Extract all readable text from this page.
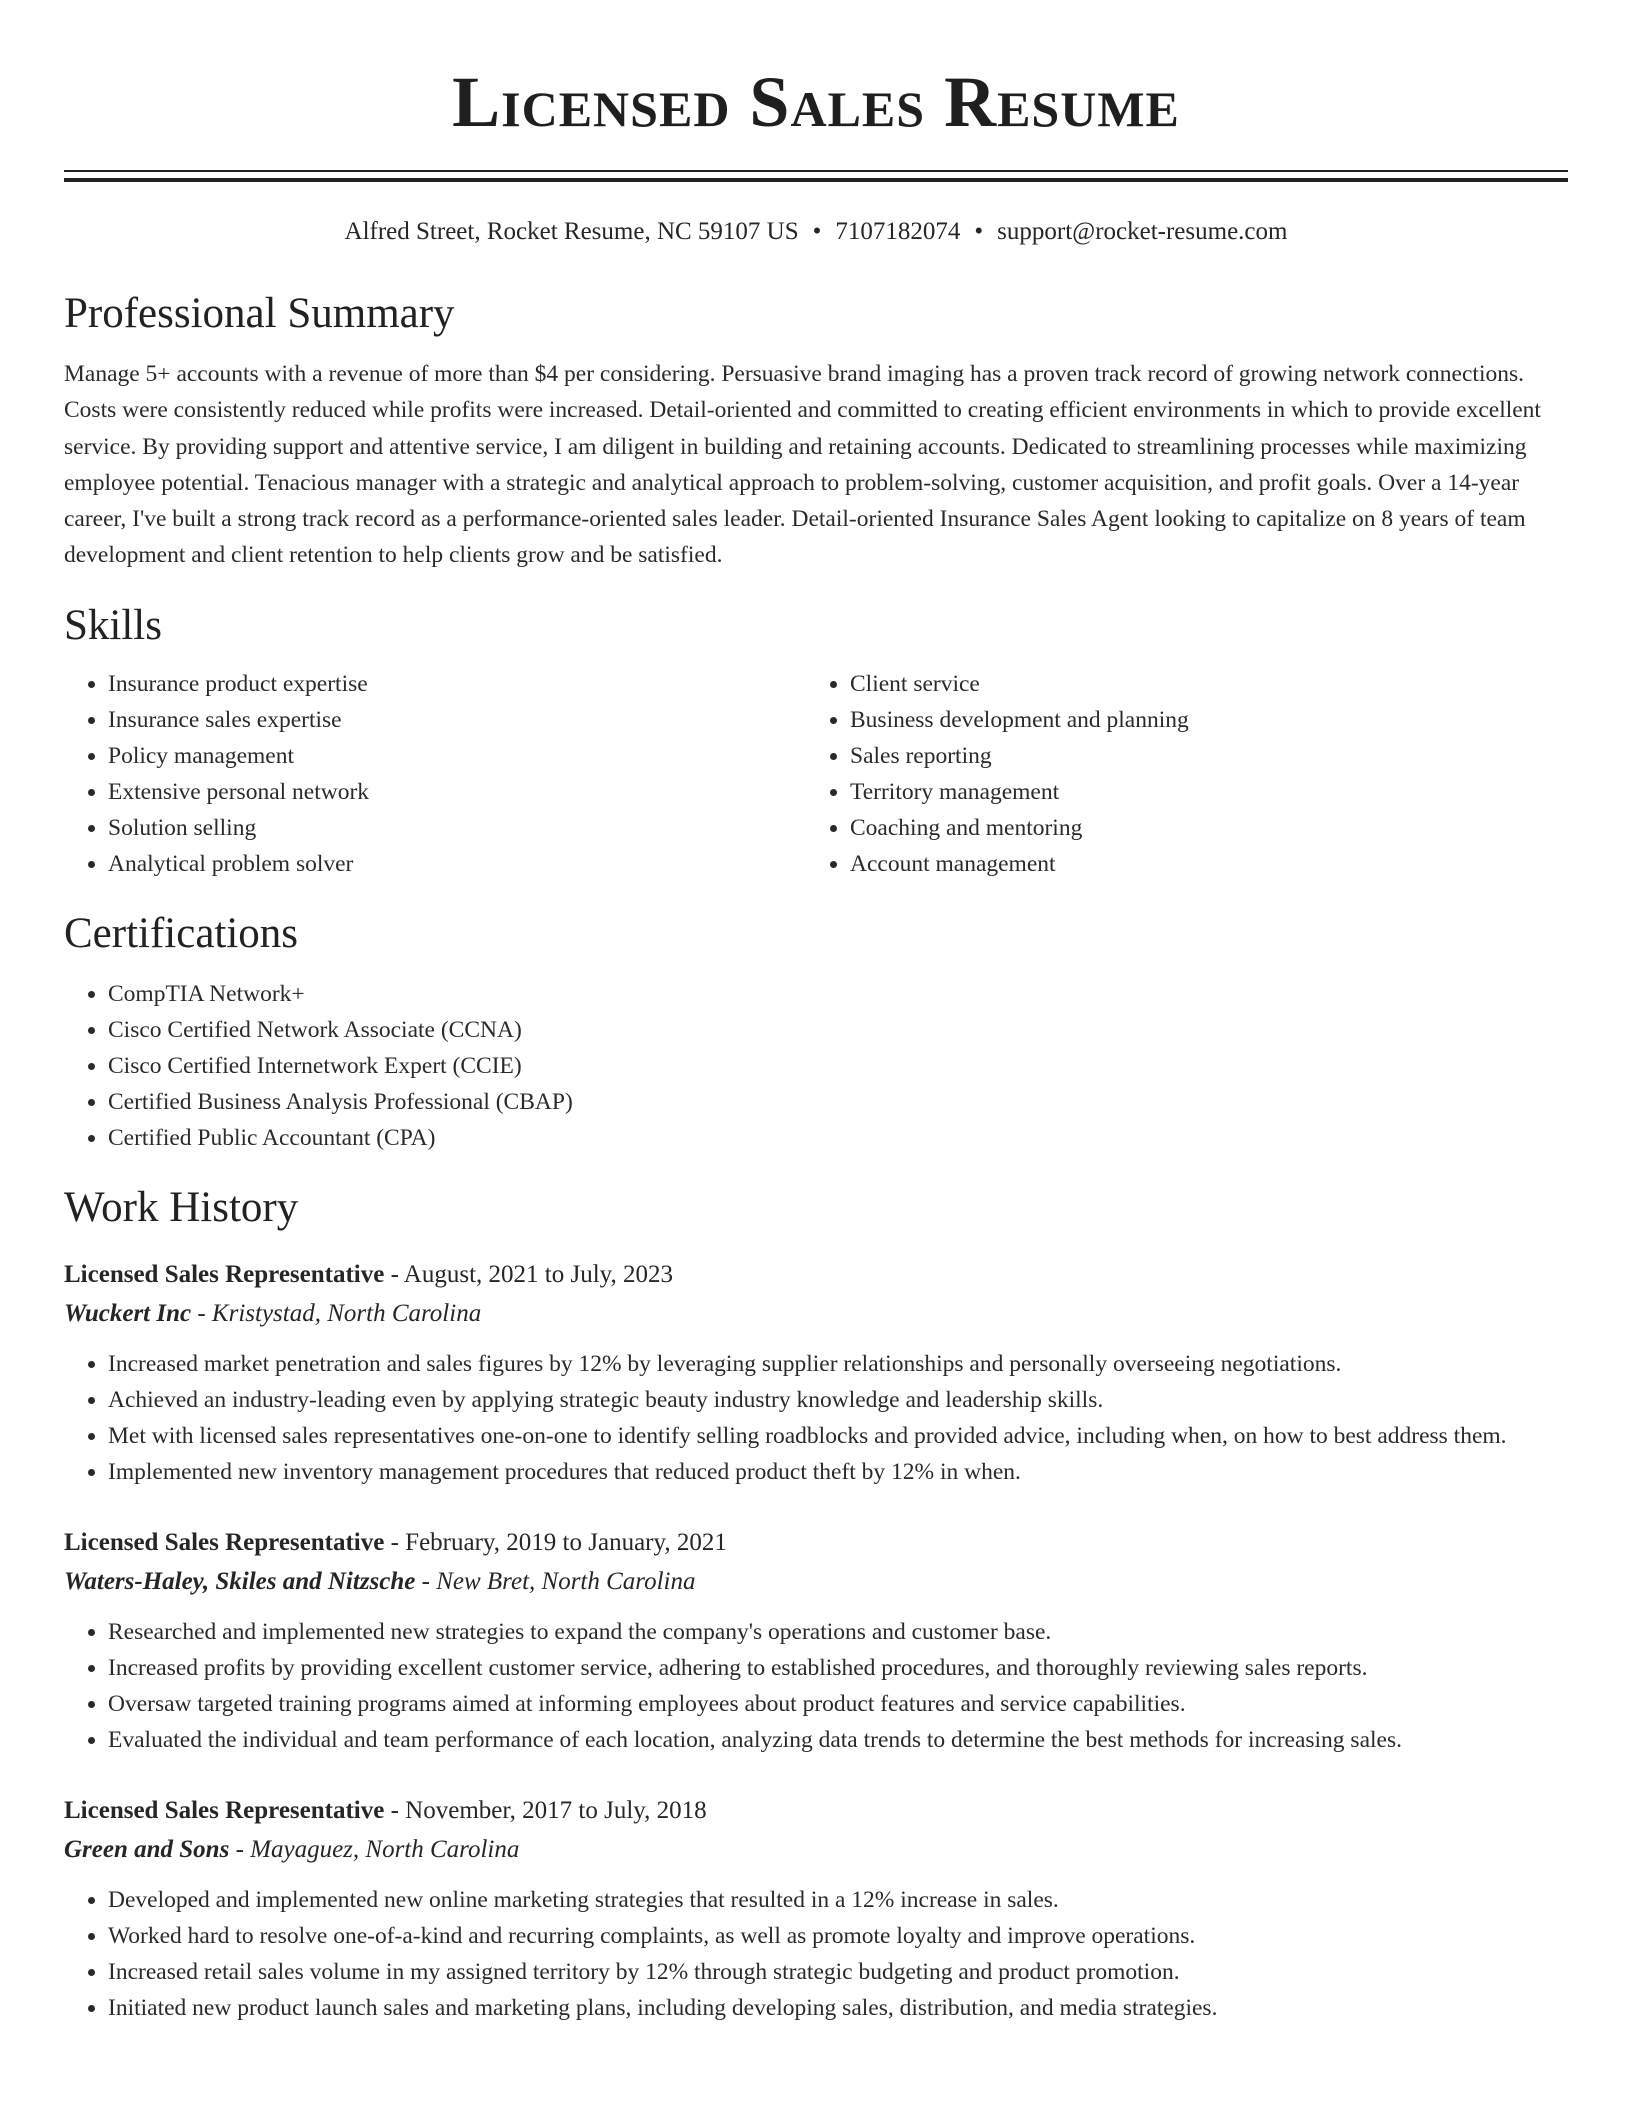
Licensed Sales Resume
Alfred Street, Rocket Resume, NC 59107 US • 7107182074 • support@rocket-resume.com
Professional Summary

Manage 5+ accounts with a revenue of more than $4 per considering. Persuasive brand imaging has a proven track record of growing network connections. Costs were consistently reduced while profits were increased. Detail-oriented and committed to creating efficient environments in which to provide excellent service. By providing support and attentive service, I am diligent in building and retaining accounts. Dedicated to streamlining processes while maximizing employee potential. Tenacious manager with a strategic and analytical approach to problem-solving, customer acquisition, and profit goals. Over a 14-year career, I've built a strong track record as a performance-oriented sales leader. Detail-oriented Insurance Sales Agent looking to capitalize on 8 years of team development and client retention to help clients grow and be satisfied.

Skills
• Insurance product expertise
• Insurance sales expertise
• Policy management
• Extensive personal network
• Solution selling
• Analytical problem solver
• Client service
• Business development and planning
• Sales reporting
• Territory management
• Coaching and mentoring
• Account management
Certifications
• CompTIA Network+
• Cisco Certified Network Associate (CCNA)
• Cisco Certified Internetwork Expert (CCIE)
• Certified Business Analysis Professional (CBAP)
• Certified Public Accountant (CPA)
Work History
Licensed Sales Representative - August, 2021 to July, 2023
Wuckert Inc - Kristystad, North Carolina
• Increased market penetration and sales figures by 12% by leveraging supplier relationships and personally overseeing negotiations.
• Achieved an industry-leading even by applying strategic beauty industry knowledge and leadership skills.
• Met with licensed sales representatives one-on-one to identify selling roadblocks and provided advice, including when, on how to best address them.
• Implemented new inventory management procedures that reduced product theft by 12% in when.
Licensed Sales Representative - February, 2019 to January, 2021
Waters-Haley, Skiles and Nitzsche - New Bret, North Carolina
• Researched and implemented new strategies to expand the company's operations and customer base.
• Increased profits by providing excellent customer service, adhering to established procedures, and thoroughly reviewing sales reports.
• Oversaw targeted training programs aimed at informing employees about product features and service capabilities.
• Evaluated the individual and team performance of each location, analyzing data trends to determine the best methods for increasing sales.
Licensed Sales Representative - November, 2017 to July, 2018
Green and Sons - Mayaguez, North Carolina
• Developed and implemented new online marketing strategies that resulted in a 12% increase in sales.
• Worked hard to resolve one-of-a-kind and recurring complaints, as well as promote loyalty and improve operations.
• Increased retail sales volume in my assigned territory by 12% through strategic budgeting and product promotion.
• Initiated new product launch sales and marketing plans, including developing sales, distribution, and media strategies.
